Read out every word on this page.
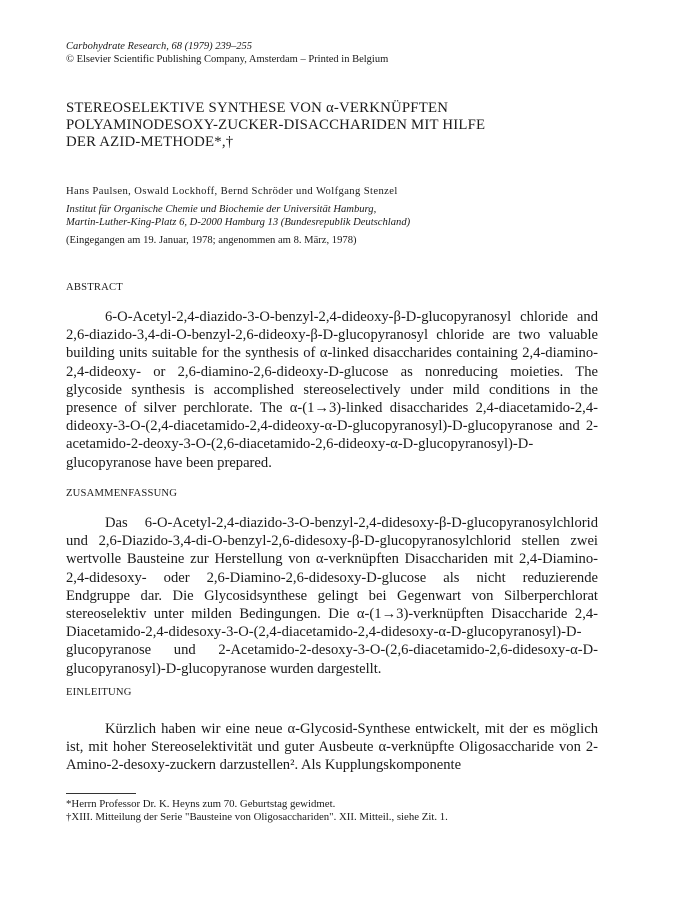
Carbohydrate Research, 68 (1979) 239–255
© Elsevier Scientific Publishing Company, Amsterdam – Printed in Belgium
STEREOSELEKTIVE SYNTHESE VON α-VERKNÜPFTEN
POLYAMINODESOXY-ZUCKER-DISACCHARIDEN MIT HILFE
DER AZID-METHODE*,†
Hans Paulsen, Oswald Lockhoff, Bernd Schröder und Wolfgang Stenzel
Institut für Organische Chemie und Biochemie der Universität Hamburg,
Martin-Luther-King-Platz 6, D-2000 Hamburg 13 (Bundesrepublik Deutschland)
(Eingegangen am 19. Januar, 1978; angenommen am 8. März, 1978)
ABSTRACT

6-O-Acetyl-2,4-diazido-3-O-benzyl-2,4-dideoxy-β-D-glucopyranosyl chloride and 2,6-diazido-3,4-di-O-benzyl-2,6-dideoxy-β-D-glucopyranosyl chloride are two valuable building units suitable for the synthesis of α-linked disaccharides containing 2,4-diamino-2,4-dideoxy- or 2,6-diamino-2,6-dideoxy-D-glucose as nonreducing moieties. The glycoside synthesis is accomplished stereoselectively under mild conditions in the presence of silver perchlorate. The α-(1→3)-linked disaccharides 2,4-diacetamido-2,4-dideoxy-3-O-(2,4-diacetamido-2,4-dideoxy-α-D-glucopyranosyl)-D-glucopyranose and 2-acetamido-2-deoxy-3-O-(2,6-diacetamido-2,6-dideoxy-α-D-glucopyranosyl)-D-glucopyranose have been prepared.

ZUSAMMENFASSUNG

Das 6-O-Acetyl-2,4-diazido-3-O-benzyl-2,4-didesoxy-β-D-glucopyranosylchlorid und 2,6-Diazido-3,4-di-O-benzyl-2,6-didesoxy-β-D-glucopyranosylchlorid stellen zwei wertvolle Bausteine zur Herstellung von α-verknüpften Disacchariden mit 2,4-Diamino-2,4-didesoxy- oder 2,6-Diamino-2,6-didesoxy-D-glucose als nicht reduzierende Endgruppe dar. Die Glycosidsynthese gelingt bei Gegenwart von Silberperchlorat stereoselektiv unter milden Bedingungen. Die α-(1→3)-verknüpften Disaccharide 2,4-Diacetamido-2,4-didesoxy-3-O-(2,4-diacetamido-2,4-didesoxy-α-D-glucopyranosyl)-D-glucopyranose und 2-Acetamido-2-desoxy-3-O-(2,6-diacetamido-2,6-didesoxy-α-D-glucopyranosyl)-D-glucopyranose wurden dargestellt.

EINLEITUNG

Kürzlich haben wir eine neue α-Glycosid-Synthese entwickelt, mit der es möglich ist, mit hoher Stereoselektivität und guter Ausbeute α-verknüpfte Oligosaccharide von 2-Amino-2-desoxy-zuckern darzustellen². Als Kupplungskomponente

*Herrn Professor Dr. K. Heyns zum 70. Geburtstag gewidmet.
†XIII. Mitteilung der Serie "Bausteine von Oligosacchariden". XII. Mitteil., siehe Zit. 1.
